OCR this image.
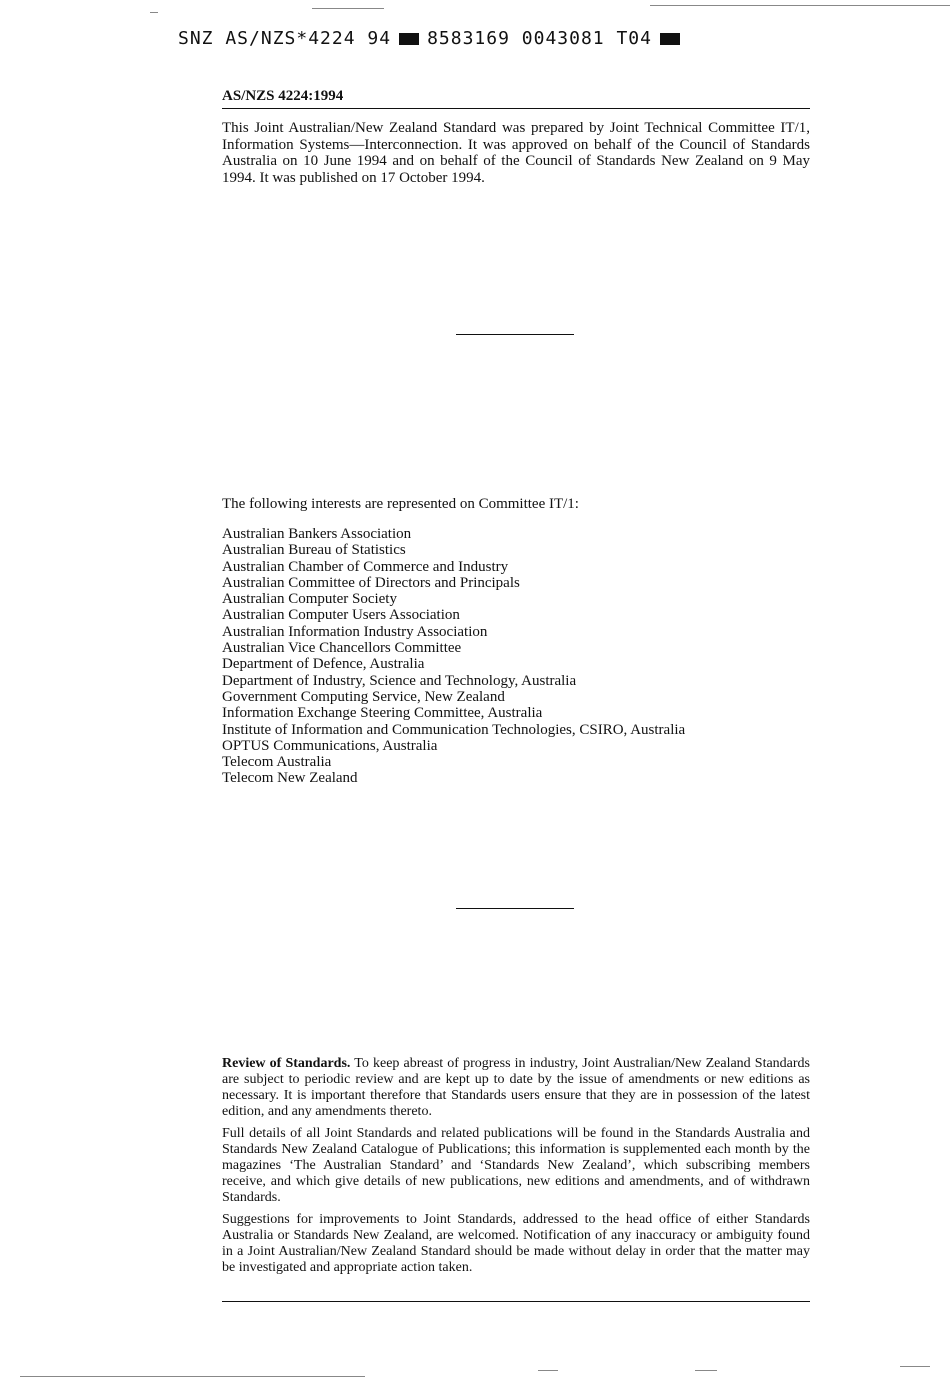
SNZ AS/NZS*4224 94 8583169 0043081 T04
AS/NZS 4224:1994

This Joint Australian/New Zealand Standard was prepared by Joint Technical Committee IT/1, Information Systems—Interconnection. It was approved on behalf of the Council of Standards Australia on 10 June 1994 and on behalf of the Council of Standards New Zealand on 9 May 1994. It was published on 17 October 1994.

The following interests are represented on Committee IT/1:

Australian Bankers Association
Australian Bureau of Statistics
Australian Chamber of Commerce and Industry
Australian Committee of Directors and Principals
Australian Computer Society
Australian Computer Users Association
Australian Information Industry Association
Australian Vice Chancellors Committee
Department of Defence, Australia
Department of Industry, Science and Technology, Australia
Government Computing Service, New Zealand
Information Exchange Steering Committee, Australia
Institute of Information and Communication Technologies, CSIRO, Australia
OPTUS Communications, Australia
Telecom Australia
Telecom New Zealand

Review of Standards. To keep abreast of progress in industry, Joint Australian/New Zealand Standards are subject to periodic review and are kept up to date by the issue of amendments or new editions as necessary. It is important therefore that Standards users ensure that they are in possession of the latest edition, and any amendments thereto.

Full details of all Joint Standards and related publications will be found in the Standards Australia and Standards New Zealand Catalogue of Publications; this information is supplemented each month by the magazines ‘The Australian Standard’ and ‘Standards New Zealand’, which subscribing members receive, and which give details of new publications, new editions and amendments, and of withdrawn Standards.

Suggestions for improvements to Joint Standards, addressed to the head office of either Standards Australia or Standards New Zealand, are welcomed. Notification of any inaccuracy or ambiguity found in a Joint Australian/New Zealand Standard should be made without delay in order that the matter may be investigated and appropriate action taken.
